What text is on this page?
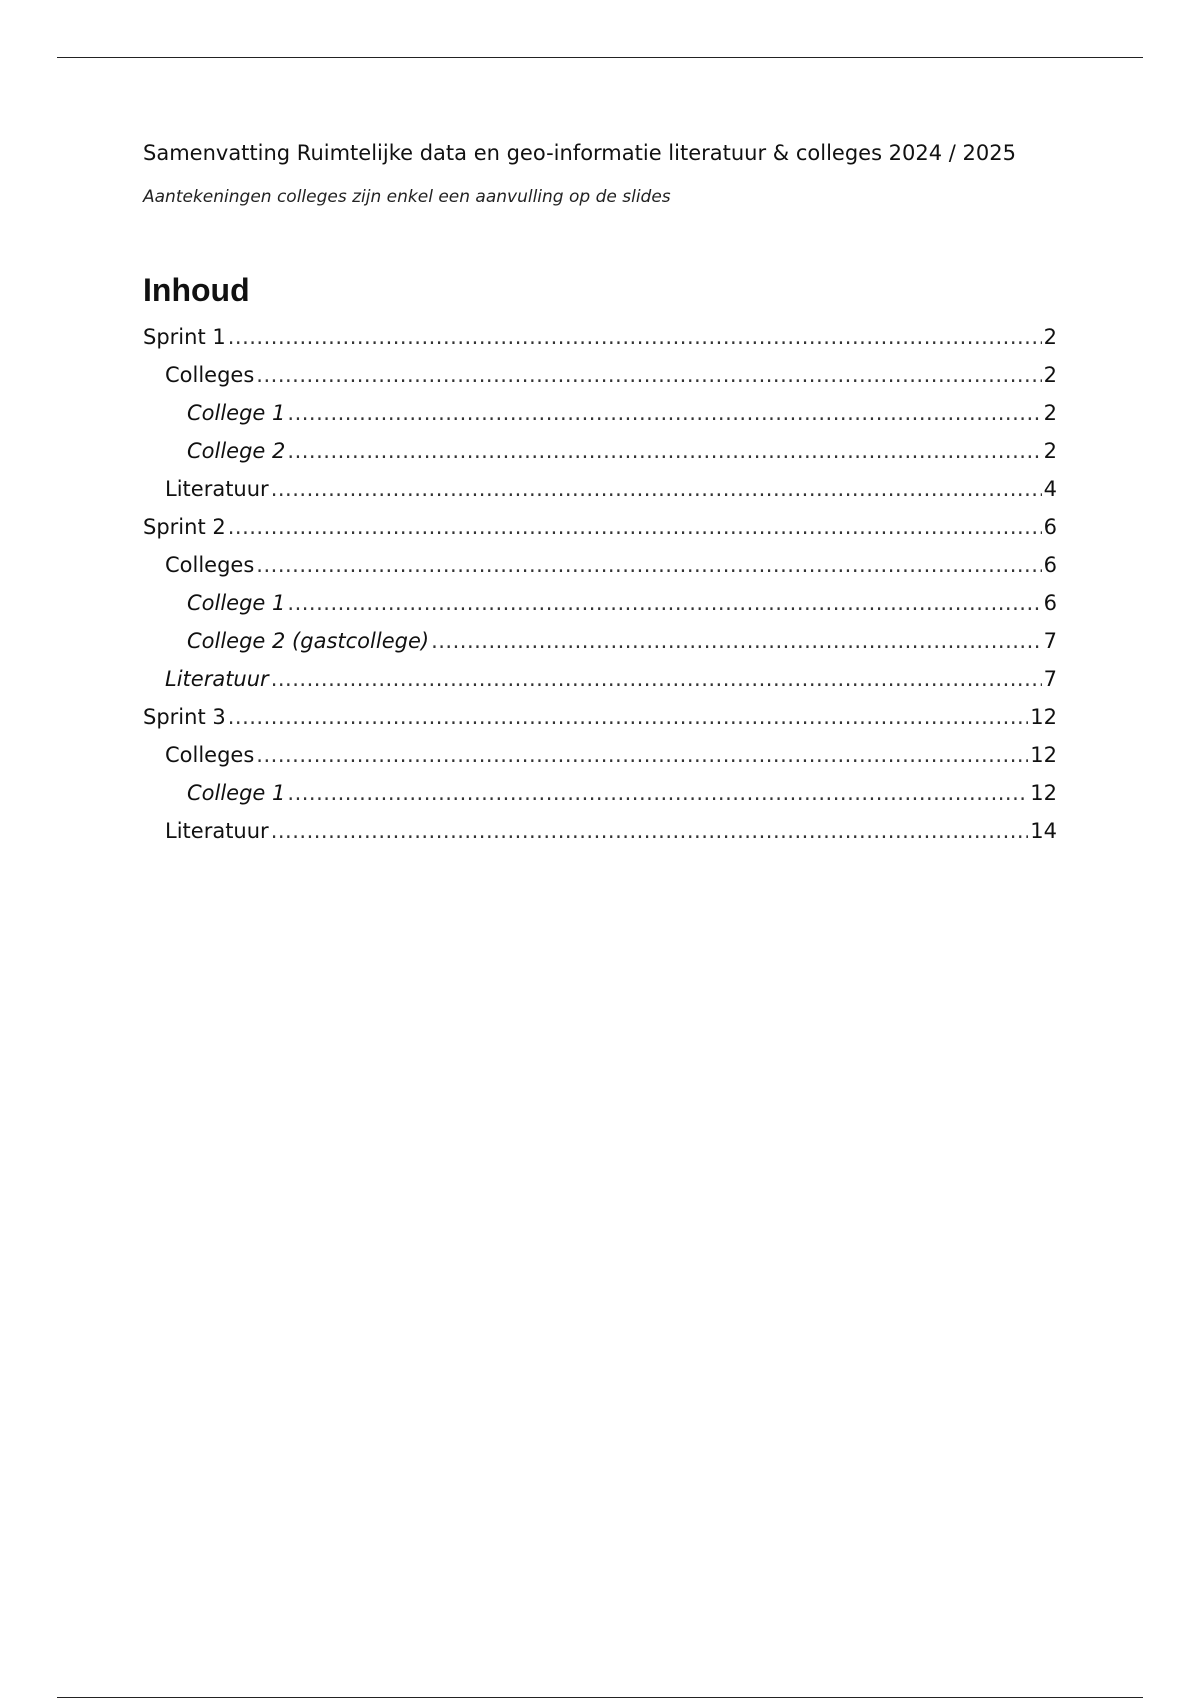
Samenvatting Ruimtelijke data en geo-informatie literatuur & colleges 2024 / 2025

Aantekeningen colleges zijn enkel een aanvulling op de slides

Inhoud
Sprint 1 .....	2
Colleges .....	2
College 1 .....	2
College 2 .....	2
Literatuur .....	4
Sprint 2 .....	6
Colleges .....	6
College 1 .....	6
College 2 (gastcollege) .....	7
Literatuur .....	7
Sprint 3 .....	12
Colleges .....	12
College 1 .....	12
Literatuur .....	14
